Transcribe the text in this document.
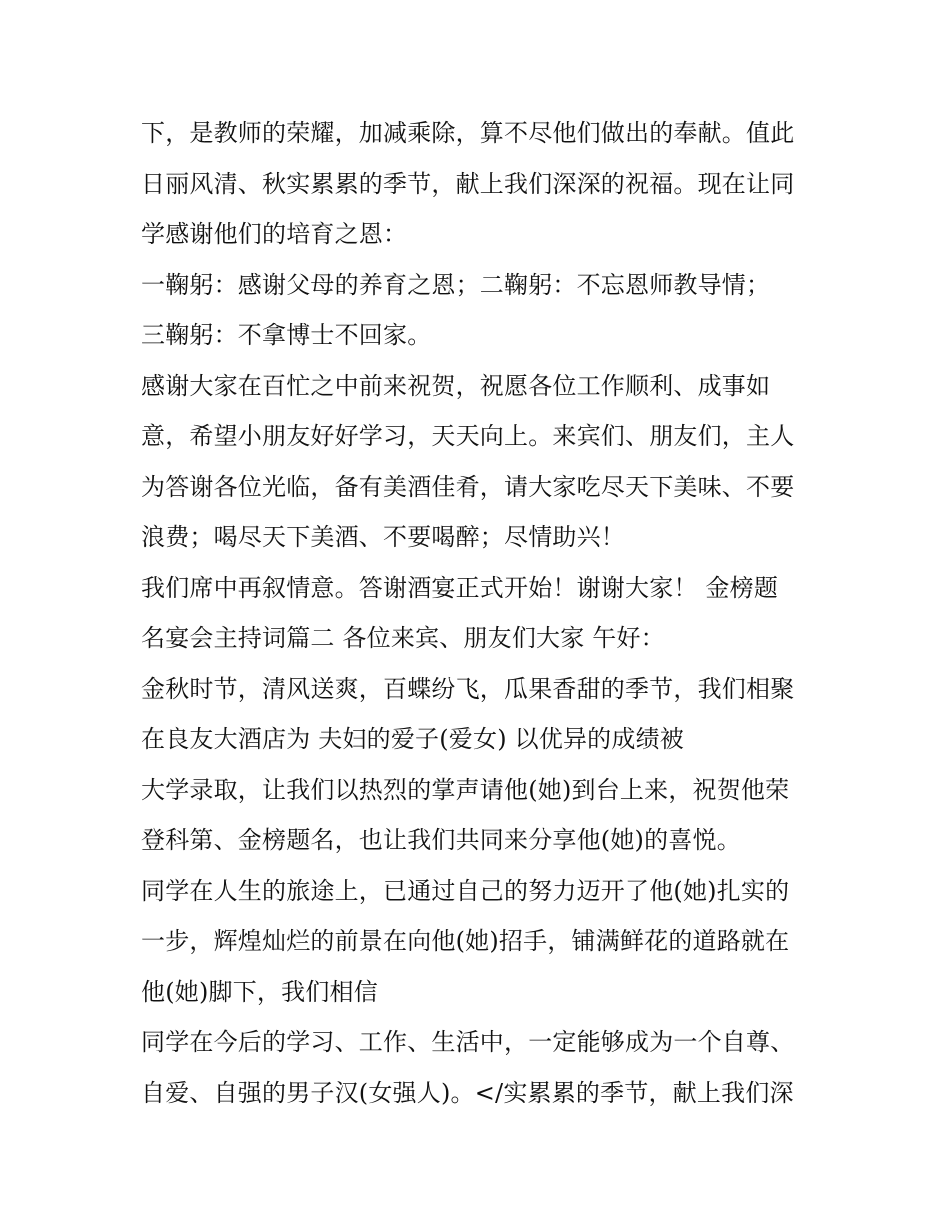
下，是教师的荣耀，加减乘除，算不尽他们做出的奉献。值此
日丽风清、秋实累累的季节，献上我们深深的祝福。现在让同
学感谢他们的培育之恩：
一鞠躬：感谢父母的养育之恩；二鞠躬：不忘恩师教导情；
三鞠躬：不拿博士不回家。
感谢大家在百忙之中前来祝贺，祝愿各位工作顺利、成事如
意，希望小朋友好好学习，天天向上。来宾们、朋友们，主人
为答谢各位光临，备有美酒佳肴，请大家吃尽天下美味、不要
浪费；喝尽天下美酒、不要喝醉；尽情助兴！
我们席中再叙情意。答谢酒宴正式开始！谢谢大家！ 金榜题
名宴会主持词篇二 各位来宾、朋友们大家 午好：
金秋时节，清风送爽，百蝶纷飞，瓜果香甜的季节，我们相聚
在良友大酒店为 夫妇的爱子(爱女) 以优异的成绩被
大学录取，让我们以热烈的掌声请他(她)到台上来，祝贺他荣
登科第、金榜题名，也让我们共同来分享他(她)的喜悦。
同学在人生的旅途上，已通过自己的努力迈开了他(她)扎实的
一步，辉煌灿烂的前景在向他(她)招手，铺满鲜花的道路就在
他(她)脚下，我们相信
同学在今后的学习、工作、生活中，一定能够成为一个自尊、
自爱、自强的男子汉(女强人)。</实累累的季节，献上我们深
